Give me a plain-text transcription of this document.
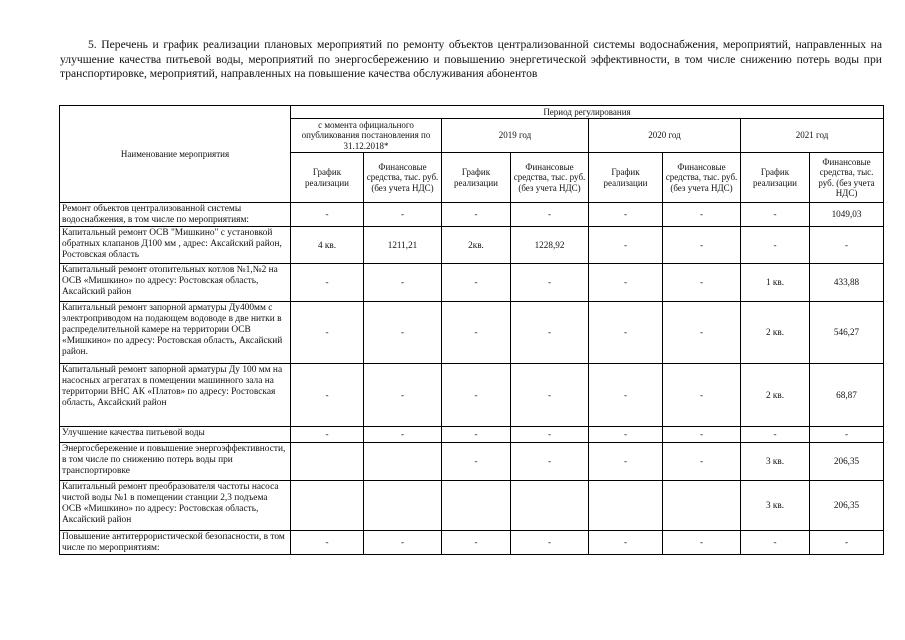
5. Перечень и график реализации плановых мероприятий по ремонту объектов централизованной системы водоснабжения, мероприятий, направленных на улучшение качества питьевой воды, мероприятий по энергосбережению и повышению энергетической эффективности, в том числе снижению потерь воды при транспортировке, мероприятий, направленных на повышение качества обслуживания абонентов
Наименование мероприятия	Период регулирования							
	с момента официального опубликования постановления по 31.12.2018*		2019 год		2020 год		2021 год	
	График реализации	Финансовые средства, тыс. руб. (без учета НДС)	График реализации	Финансовые средства, тыс. руб. (без учета НДС)	График реализации	Финансовые средства, тыс. руб. (без учета НДС)	График реализации	Финансовые средства, тыс. руб. (без учета НДС)
Ремонт объектов централизованной системы водоснабжения, в том числе по мероприятиям:	-	-	-	-	-	-	-	1049,03
Капитальный ремонт ОСВ "Мишкино" с установкой обратных клапанов Д100 мм , адрес: Аксайский район, Ростовская область	4 кв.	1211,21	2кв.	1228,92	-	-	-	-
Капитальный ремонт отопительных котлов №1,№2 на ОСВ «Мишкино» по адресу: Ростовская область, Аксайский район	-	-	-	-	-	-	1 кв.	433,88
Капитальный ремонт запорной арматуры Ду400мм с электроприводом на подающем водоводе в две нитки в распределительной камере на территории ОСВ «Мишкино» по адресу: Ростовская область, Аксайский район.	-	-	-	-	-	-	2 кв.	546,27
Капитальный ремонт запорной арматуры Ду 100 мм на насосных агрегатах в помещении машинного зала на территории ВНС АК «Платов» по адресу: Ростовская область, Аксайский район	-	-	-	-	-	-	2 кв.	68,87
Улучшение качества питьевой воды	-	-	-	-	-	-	-	-
Энергосбережение и повышение энергоэффективности, в том числе по снижению потерь воды при транспортировке			-	-	-	-	3 кв.	206,35
Капитальный ремонт преобразователя частоты насоса чистой воды №1 в помещении станции 2,3 подъема ОСВ «Мишкино» по адресу: Ростовская область, Аксайский район							3 кв.	206,35
Повышение антитеррористической безопасности, в том числе по мероприятиям:	-	-	-	-	-	-	-	-
